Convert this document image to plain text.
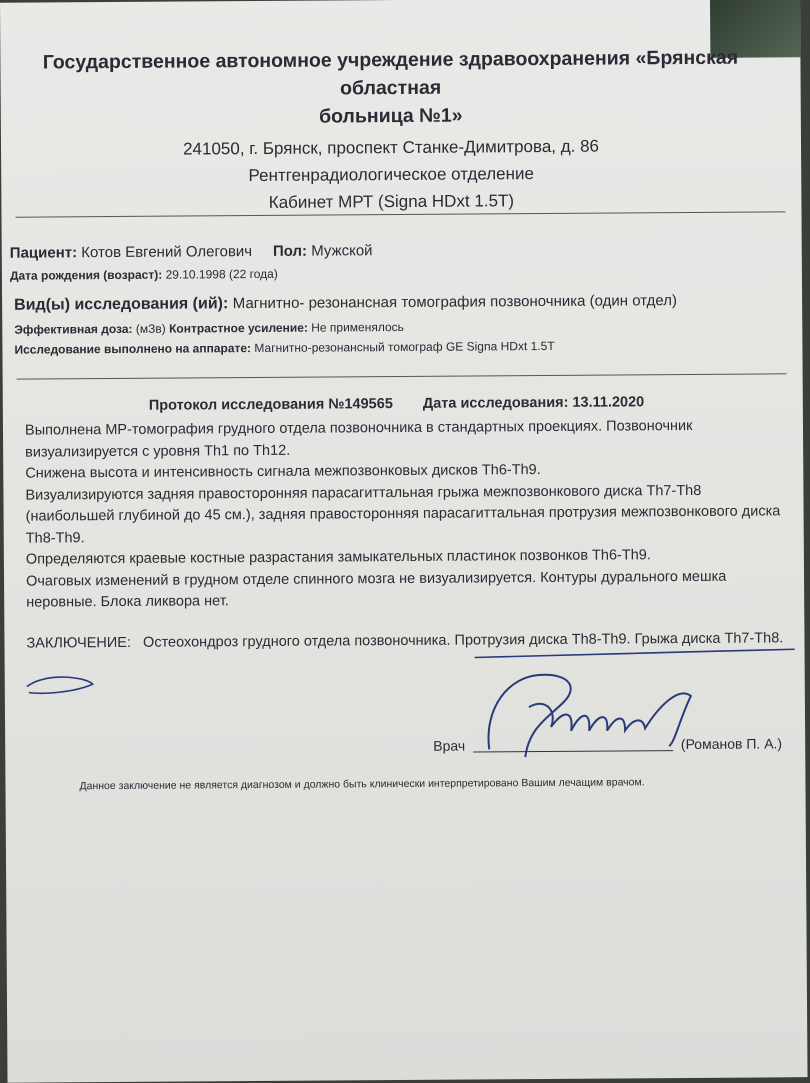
Государственное автономное учреждение здравоохранения «Брянская областная
больница №1»
241050, г. Брянск, проспект Станке-Димитрова, д. 86
Рентгенрадиологическое отделение
Кабинет МРТ (Signa HDxt 1.5T)
Пациент: Котов Евгений Олегович Пол: Мужской
Дата рождения (возраст): 29.10.1998 (22 года)
Вид(ы) исследования (ий): Магнитно- резонансная томография позвоночника (один отдел)
Эффективная доза: (мЗв) Контрастное усиление: Не применялось
Исследование выполнено на аппарате: Магнитно-резонансный томограф GE Signa HDxt 1.5T
Протокол исследования №149565 Дата исследования: 13.11.2020

Выполнена МР-томография грудного отдела позвоночника в стандартных проекциях. Позвоночник визуализируется с уровня Th1 по Th12.

Снижена высота и интенсивность сигнала межпозвонковых дисков Th6-Th9.

Визуализируются задняя правосторонняя парасагиттальная грыжа межпозвонкового диска Th7-Th8 (наибольшей глубиной до 45 см.), задняя правосторонняя парасагиттальная протрузия межпозвонкового диска Th8-Th9.

Определяются краевые костные разрастания замыкательных пластинок позвонков Th6-Th9.

Очаговых изменений в грудном отделе спинного мозга не визуализируется. Контуры дурального мешка неровные. Блока ликвора нет.

ЗАКЛЮЧЕНИЕ: Остеохондроз грудного отдела позвоночника. Протрузия диска Th8-Th9. Грыжа диска Th7-Th8.
Врач	(Романов П. А.)
Данное заключение не является диагнозом и должно быть клинически интерпретировано Вашим лечащим врачом.
